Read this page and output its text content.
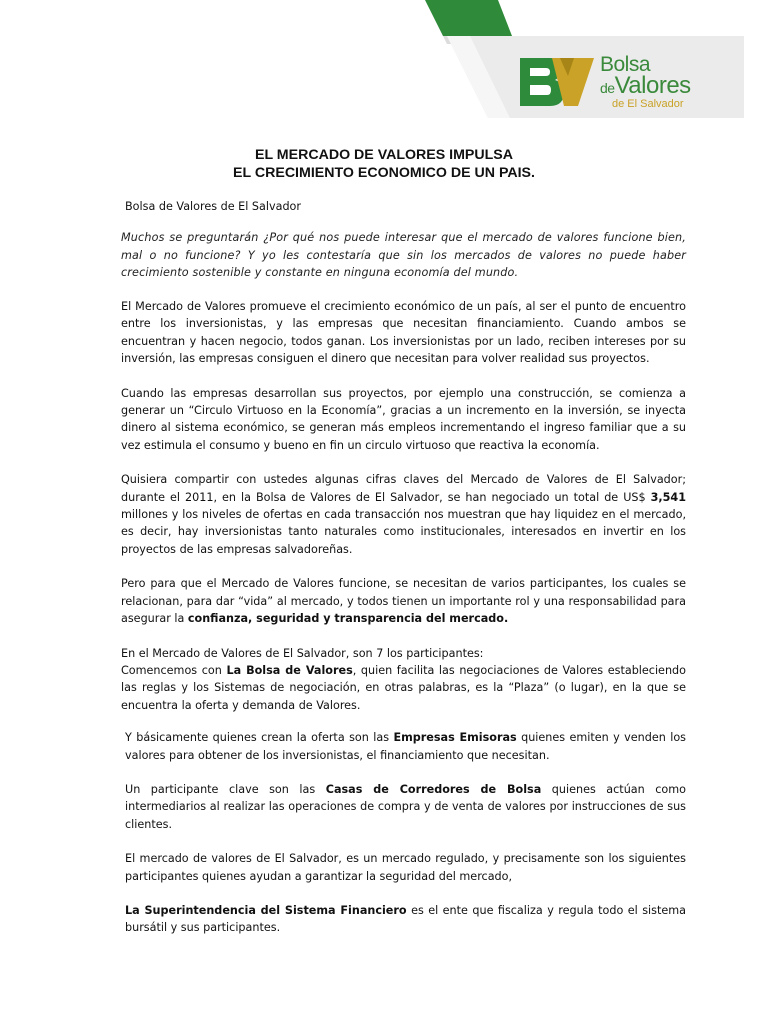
Bolsa
deValores
de El Salvador
EL MERCADO DE VALORES IMPULSA
EL CRECIMIENTO ECONOMICO DE UN PAIS.

Bolsa de Valores de El Salvador

Muchos se preguntarán ¿Por qué nos puede interesar que el mercado de valores funcione bien, mal o no funcione? Y yo les contestaría que sin los mercados de valores no puede haber crecimiento sostenible y constante en ninguna economía del mundo.

El Mercado de Valores promueve el crecimiento económico de un país, al ser el punto de encuentro entre los inversionistas, y las empresas que necesitan financiamiento. Cuando ambos se encuentran y hacen negocio, todos ganan. Los inversionistas por un lado, reciben intereses por su inversión, las empresas consiguen el dinero que necesitan para volver realidad sus proyectos.

Cuando las empresas desarrollan sus proyectos, por ejemplo una construcción, se comienza a generar un “Circulo Virtuoso en la Economía”, gracias a un incremento en la inversión, se inyecta dinero al sistema económico, se generan más empleos incrementando el ingreso familiar que a su vez estimula el consumo y bueno en fin un circulo virtuoso que reactiva la economía.

Quisiera compartir con ustedes algunas cifras claves del Mercado de Valores de El Salvador; durante el 2011, en la Bolsa de Valores de El Salvador, se han negociado un total de US$ 3,541 millones y los niveles de ofertas en cada transacción nos muestran que hay liquidez en el mercado, es decir, hay inversionistas tanto naturales como institucionales, interesados en invertir en los proyectos de las empresas salvadoreñas.

Pero para que el Mercado de Valores funcione, se necesitan de varios participantes, los cuales se relacionan, para dar “vida” al mercado, y todos tienen un importante rol y una responsabilidad para asegurar la confianza, seguridad y transparencia del mercado.

En el Mercado de Valores de El Salvador, son 7 los participantes:

Comencemos con La Bolsa de Valores, quien facilita las negociaciones de Valores estableciendo las reglas y los Sistemas de negociación, en otras palabras, es la “Plaza” (o lugar), en la que se encuentra la oferta y demanda de Valores.

Y básicamente quienes crean la oferta son las Empresas Emisoras quienes emiten y venden los valores para obtener de los inversionistas, el financiamiento que necesitan.

Un participante clave son las Casas de Corredores de Bolsa quienes actúan como intermediarios al realizar las operaciones de compra y de venta de valores por instrucciones de sus clientes.

El mercado de valores de El Salvador, es un mercado regulado, y precisamente son los siguientes participantes quienes ayudan a garantizar la seguridad del mercado,

La Superintendencia del Sistema Financiero es el ente que fiscaliza y regula todo el sistema bursátil y sus participantes.
